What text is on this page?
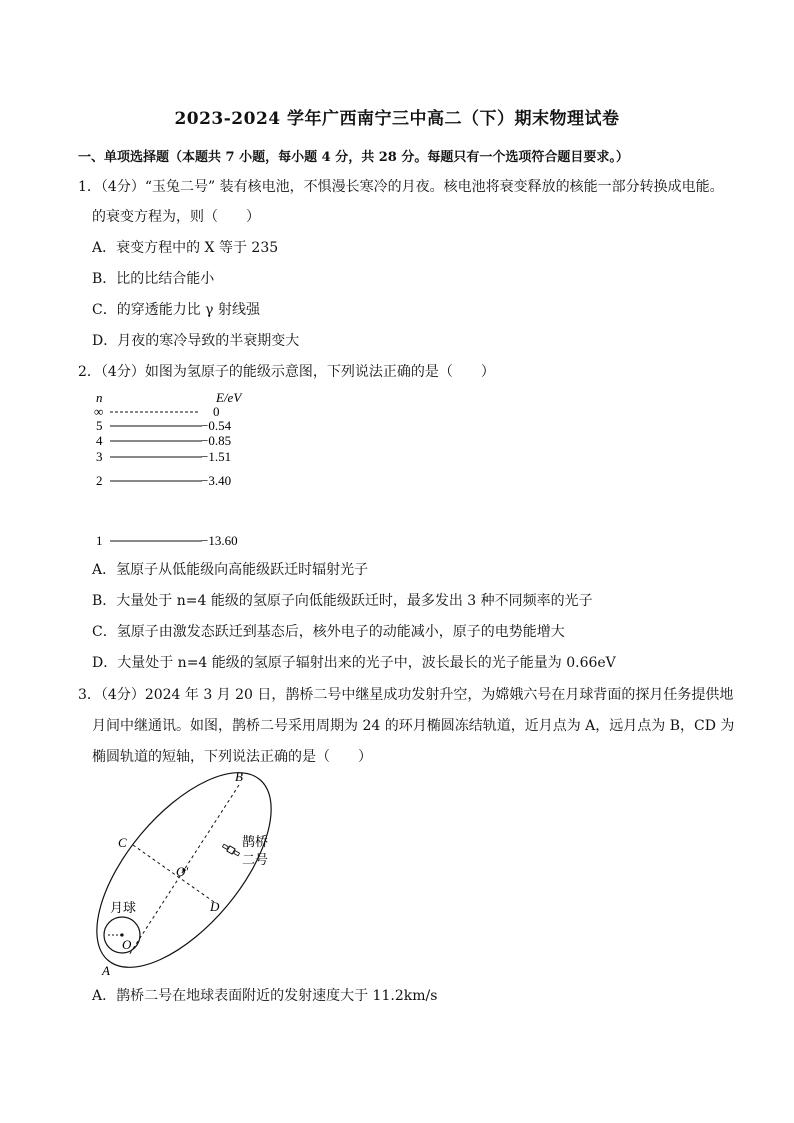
2023-2024 学年广西南宁三中高二（下）期末物理试卷
一、单项选择题（本题共 7 小题，每小题 4 分，共 28 分。每题只有一个选项符合题目要求。）
1．（4分）“玉兔二号” 装有核电池，不惧漫长寒冷的月夜。核电池将衰变释放的核能一部分转换成电能。
的衰变方程为，则（　　）
A．衰变方程中的 X 等于 235
B．比的比结合能小
C．的穿透能力比 γ 射线强
D．月夜的寒冷导致的半衰期变大
2．（4分）如图为氢原子的能级示意图，下列说法正确的是（　　）
n	E/eV
∞	0
5	−0.54
4	−0.85
3	−1.51
2	−3.40
1	−13.60
A．氢原子从低能级向高能级跃迁时辐射光子
B．大量处于 n=4 能级的氢原子向低能级跃迁时，最多发出 3 种不同频率的光子
C．氢原子由激发态跃迁到基态后，核外电子的动能减小，原子的电势能增大
D．大量处于 n=4 能级的氢原子辐射出来的光子中，波长最长的光子能量为 0.66eV
3．（4分）2024 年 3 月 20 日，鹊桥二号中继星成功发射升空，为嫦娥六号在月球背面的探月任务提供地
月间中继通讯。如图，鹊桥二号采用周期为 24 的环月椭圆冻结轨道，近月点为 A，远月点为 B，CD 为
椭圆轨道的短轴，下列说法正确的是（　　）
B
C
D
A
O′
O
月球
鹊桥
二号
A．鹊桥二号在地球表面附近的发射速度大于 11.2km/s
